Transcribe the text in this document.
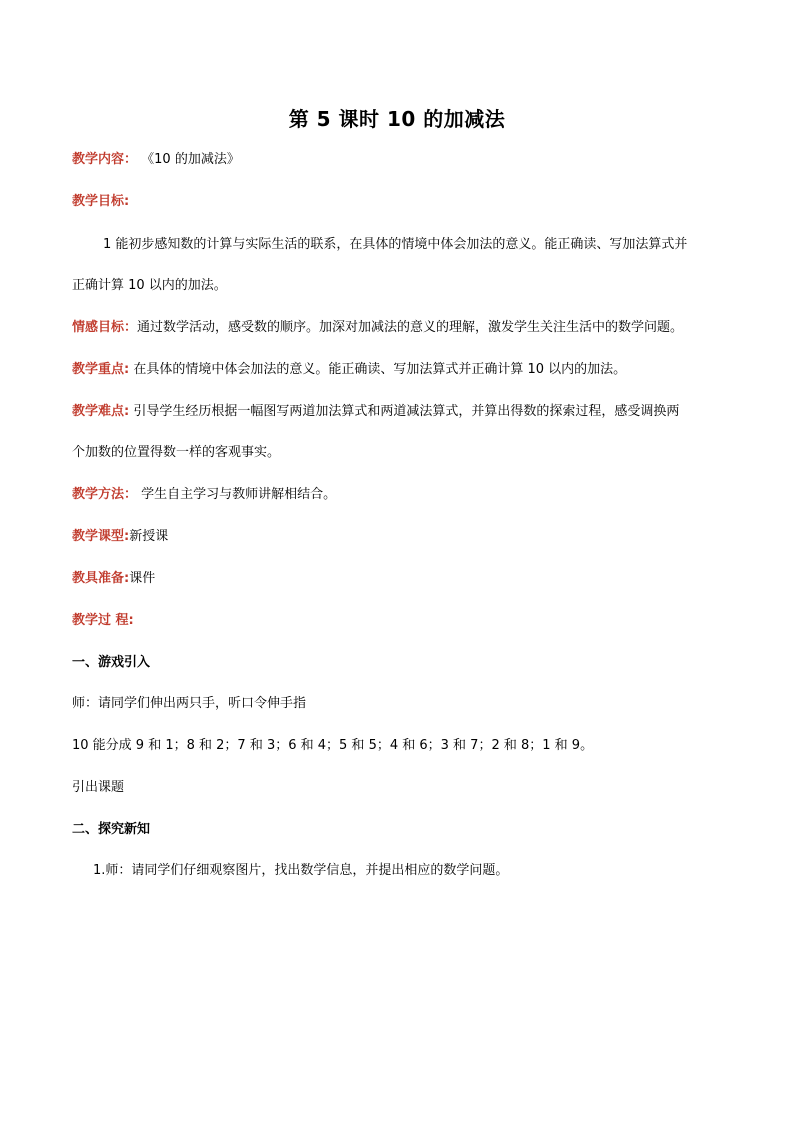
第 5 课时 10 的加减法
教学内容： 《10 的加减法》
教学目标:
1 能初步感知数的计算与实际生活的联系，在具体的情境中体会加法的意义。能正确读、写加法算式并
正确计算 10 以内的加法。
情感目标：通过数学活动，感受数的顺序。加深对加减法的意义的理解，激发学生关注生活中的数学问题。
教学重点: 在具体的情境中体会加法的意义。能正确读、写加法算式并正确计算 10 以内的加法。
教学难点: 引导学生经历根据一幅图写两道加法算式和两道减法算式，并算出得数的探索过程，感受调换两
个加数的位置得数一样的客观事实。
教学方法： 学生自主学习与教师讲解相结合。
教学课型:新授课
教具准备:课件
教学过 程:
一、游戏引入
师：请同学们伸出两只手，听口令伸手指
10 能分成 9 和 1；8 和 2；7 和 3；6 和 4；5 和 5；4 和 6；3 和 7；2 和 8；1 和 9。
引出课题
二、探究新知
1.师：请同学们仔细观察图片，找出数学信息，并提出相应的数学问题。
